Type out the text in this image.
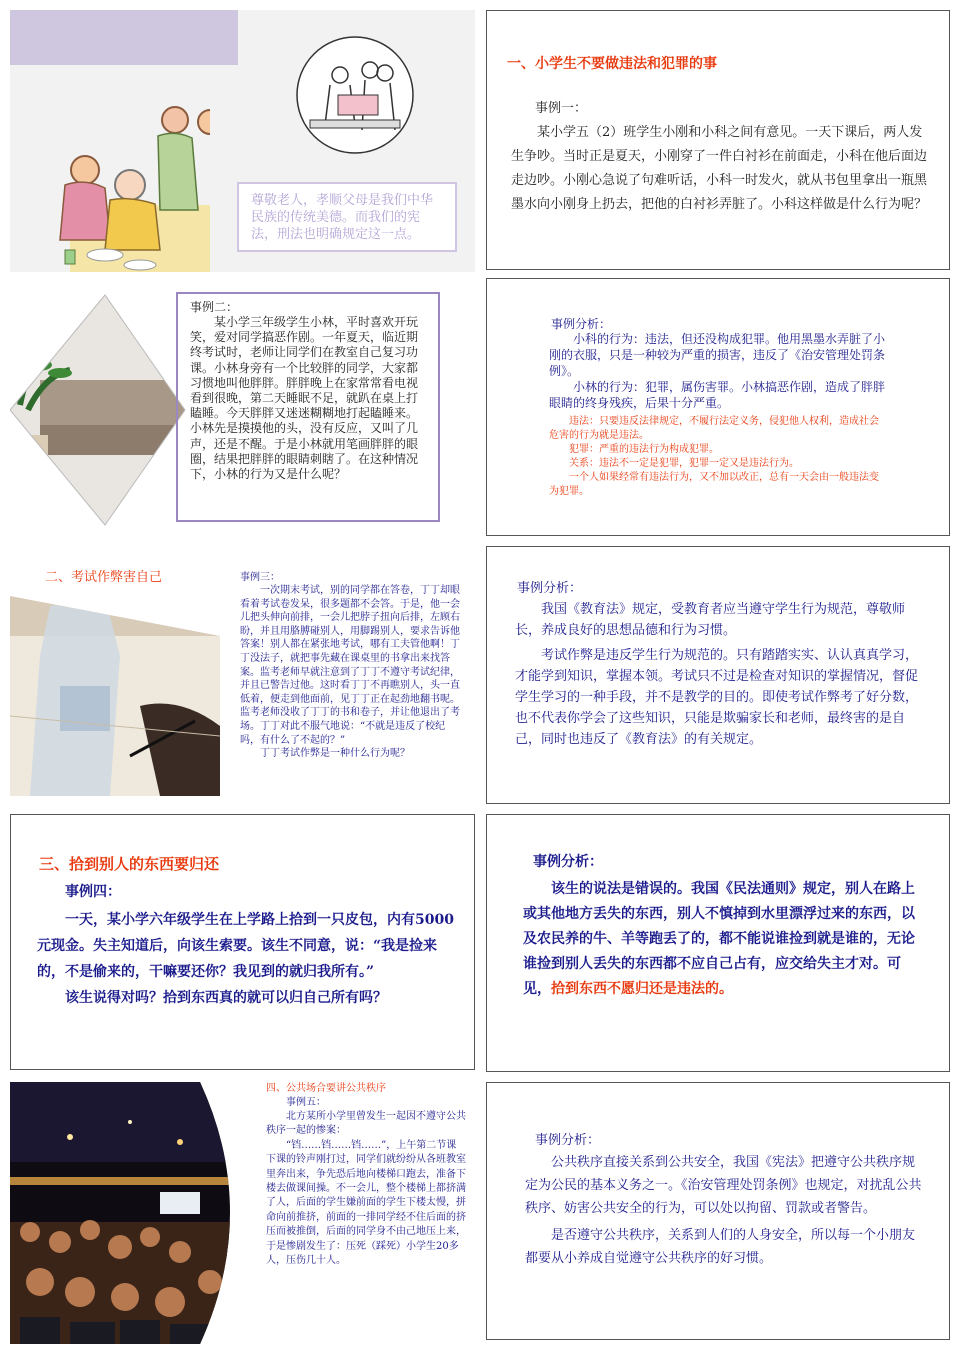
尊敬老人，孝顺父母是我们中华民族的传统美德。而我们的宪法，刑法也明确规定这一点。

一、小学生不要做违法和犯罪的事

事例一：

某小学五（2）班学生小刚和小科之间有意见。一天下课后，两人发生争吵。当时正是夏天，小刚穿了一件白衬衫在前面走，小科在他后面边走边吵。小刚心急说了句难听话，小科一时发火，就从书包里拿出一瓶黑墨水向小刚身上扔去，把他的白衬衫弄脏了。小科这样做是什么行为呢？

事例二：

某小学三年级学生小林，平时喜欢开玩笑，爱对同学搞恶作剧。一年夏天，临近期终考试时，老师让同学们在教室自己复习功课。小林身旁有一个比较胖的同学，大家都习惯地叫他胖胖。胖胖晚上在家常常看电视看到很晚，第二天睡眠不足，就趴在桌上打瞌睡。今天胖胖又迷迷糊糊地打起瞌睡来。小林先是摸摸他的头，没有反应，又叫了几声，还是不醒。于是小林就用笔画胖胖的眼圈，结果把胖胖的眼睛刺瞎了。在这种情况下，小林的行为又是什么呢？

事例分析：

小科的行为：违法，但还没构成犯罪。他用黑墨水弄脏了小刚的衣服，只是一种较为严重的损害，违反了《治安管理处罚条例》。

小林的行为：犯罪，属伤害罪。小林搞恶作剧，造成了胖胖眼睛的终身残疾，后果十分严重。

违法：只要违反法律规定，不履行法定义务，侵犯他人权利，造成社会危害的行为就是违法。

犯罪：严重的违法行为构成犯罪。

关系：违法不一定是犯罪，犯罪一定又是违法行为。

一个人如果经常有违法行为，又不加以改正，总有一天会由一般违法变为犯罪。

二、考试作弊害自己	事例三：

一次期末考试，别的同学都在答卷，丁丁却眼看着考试卷发呆，很多题都不会答。于是，他一会儿把头伸向前排，一会儿把脖子扭向后排，左顾右盼，并且用胳膊碰别人，用脚踢别人，要求告诉他答案！别人都在紧张地考试，哪有工夫管他啊！丁丁没法子，就把事先藏在课桌里的书拿出来找答案。监考老师早就注意到了丁丁不遵守考试纪律，并且已警告过他。这时看丁丁不再瞧别人，头一直低着，便走到他面前，见丁丁正在起劲地翻书呢。监考老师没收了丁丁的书和卷子，并让他退出了考场。丁丁对此不服气地说：“不就是违反了校纪吗，有什么了不起的？”

丁丁考试作弊是一种什么行为呢？

事例分析：

我国《教育法》规定，受教育者应当遵守学生行为规范，尊敬师长，养成良好的思想品德和行为习惯。

考试作弊是违反学生行为规范的。只有踏踏实实、认认真真学习，才能学到知识，掌握本领。考试只不过是检查对知识的掌握情况，督促学生学习的一种手段，并不是教学的目的。即使考试作弊考了好分数，也不代表你学会了这些知识，只能是欺骗家长和老师，最终害的是自己，同时也违反了《教育法》的有关规定。

三、拾到别人的东西要归还

事例四：

一天，某小学六年级学生在上学路上拾到一只皮包，内有5000元现金。失主知道后，向该生索要。该生不同意，说：“我是捡来的，不是偷来的，干嘛要还你？我见到的就归我所有。”

该生说得对吗？拾到东西真的就可以归自己所有吗？

事例分析：

该生的说法是错误的。我国《民法通则》规定，别人在路上或其他地方丢失的东西，别人不慎掉到水里漂浮过来的东西，以及农民养的牛、羊等跑丢了的，都不能说谁捡到就是谁的，无论谁捡到别人丢失的东西都不应自己占有，应交给失主才对。可见，拾到东西不愿归还是违法的。

四、公共场合要讲公共秩序

事例五：

北方某所小学里曾发生一起因不遵守公共秩序一起的惨案：

“铛……铛……铛……”，上午第二节课下课的铃声刚打过，同学们就纷纷从各班教室里奔出来，争先恐后地向楼梯口跑去，准备下楼去做课间操。不一会儿，整个楼梯上都挤满了人，后面的学生嫌前面的学生下楼太慢，拼命向前推挤，前面的一排同学经不住后面的挤压而被推倒，后面的同学身不由己地压上来，于是惨剧发生了：压死（踩死）小学生20多人，压伤几十人。

事例分析：

公共秩序直接关系到公共安全，我国《宪法》把遵守公共秩序规定为公民的基本义务之一。《治安管理处罚条例》也规定，对扰乱公共秩序、妨害公共安全的行为，可以处以拘留、罚款或者警告。

是否遵守公共秩序，关系到人们的人身安全，所以每一个小朋友都要从小养成自觉遵守公共秩序的好习惯。
